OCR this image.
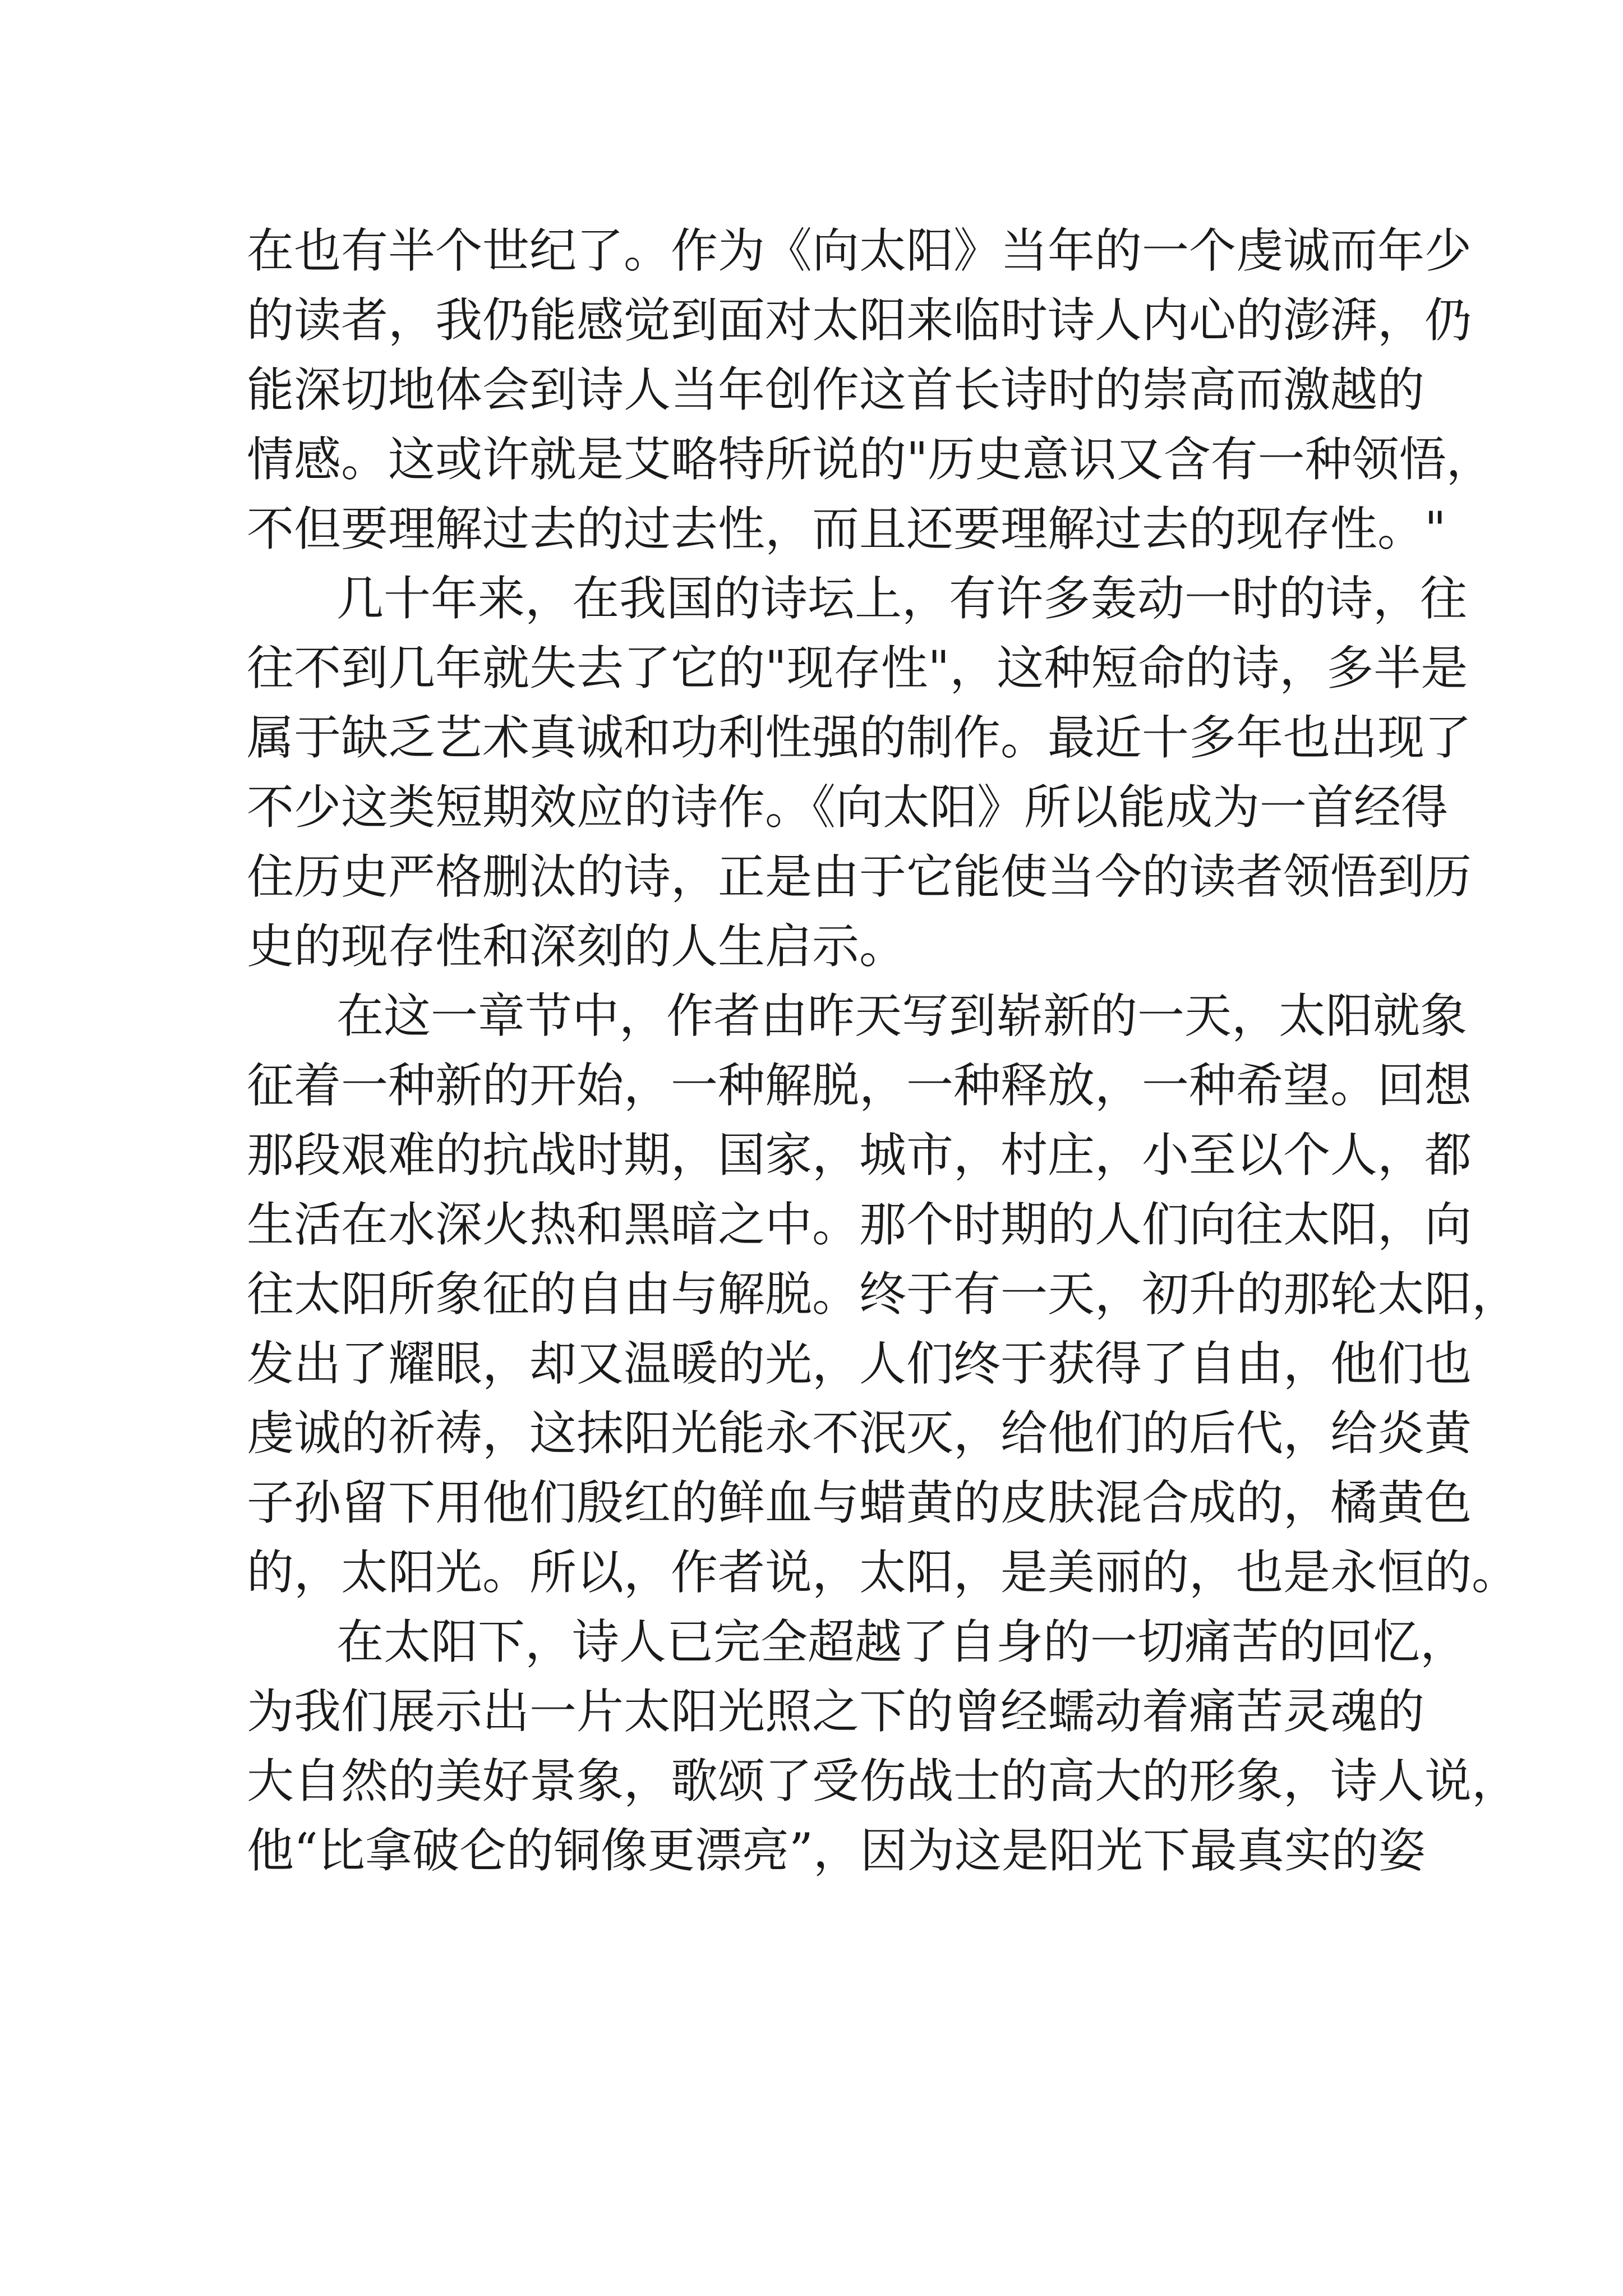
在也有半个世纪了。作为《向太阳》当年的一个虔诚而年少
的读者，我仍能感觉到面对太阳来临时诗人内心的澎湃，仍
能深切地体会到诗人当年创作这首长诗时的崇高而激越的
情感。这或许就是艾略特所说的"历史意识又含有一种领悟，
不但要理解过去的过去性，而且还要理解过去的现存性。"
几十年来，在我国的诗坛上，有许多轰动一时的诗，往
往不到几年就失去了它的"现存性"，这种短命的诗，多半是
属于缺乏艺术真诚和功利性强的制作。最近十多年也出现了
不少这类短期效应的诗作。《向太阳》所以能成为一首经得
住历史严格删汰的诗，正是由于它能使当今的读者领悟到历
史的现存性和深刻的人生启示。
在这一章节中，作者由昨天写到崭新的一天，太阳就象
征着一种新的开始，一种解脱，一种释放，一种希望。回想
那段艰难的抗战时期，国家，城市，村庄，小至以个人，都
生活在水深火热和黑暗之中。那个时期的人们向往太阳，向
往太阳所象征的自由与解脱。终于有一天，初升的那轮太阳，
发出了耀眼，却又温暖的光，人们终于获得了自由，他们也
虔诚的祈祷，这抹阳光能永不泯灭，给他们的后代，给炎黄
子孙留下用他们殷红的鲜血与蜡黄的皮肤混合成的，橘黄色
的，太阳光。所以，作者说，太阳，是美丽的，也是永恒的。
在太阳下，诗人已完全超越了自身的一切痛苦的回忆，
为我们展示出一片太阳光照之下的曾经蠕动着痛苦灵魂的
大自然的美好景象，歌颂了受伤战士的高大的形象，诗人说，
他“比拿破仑的铜像更漂亮”，因为这是阳光下最真实的姿
